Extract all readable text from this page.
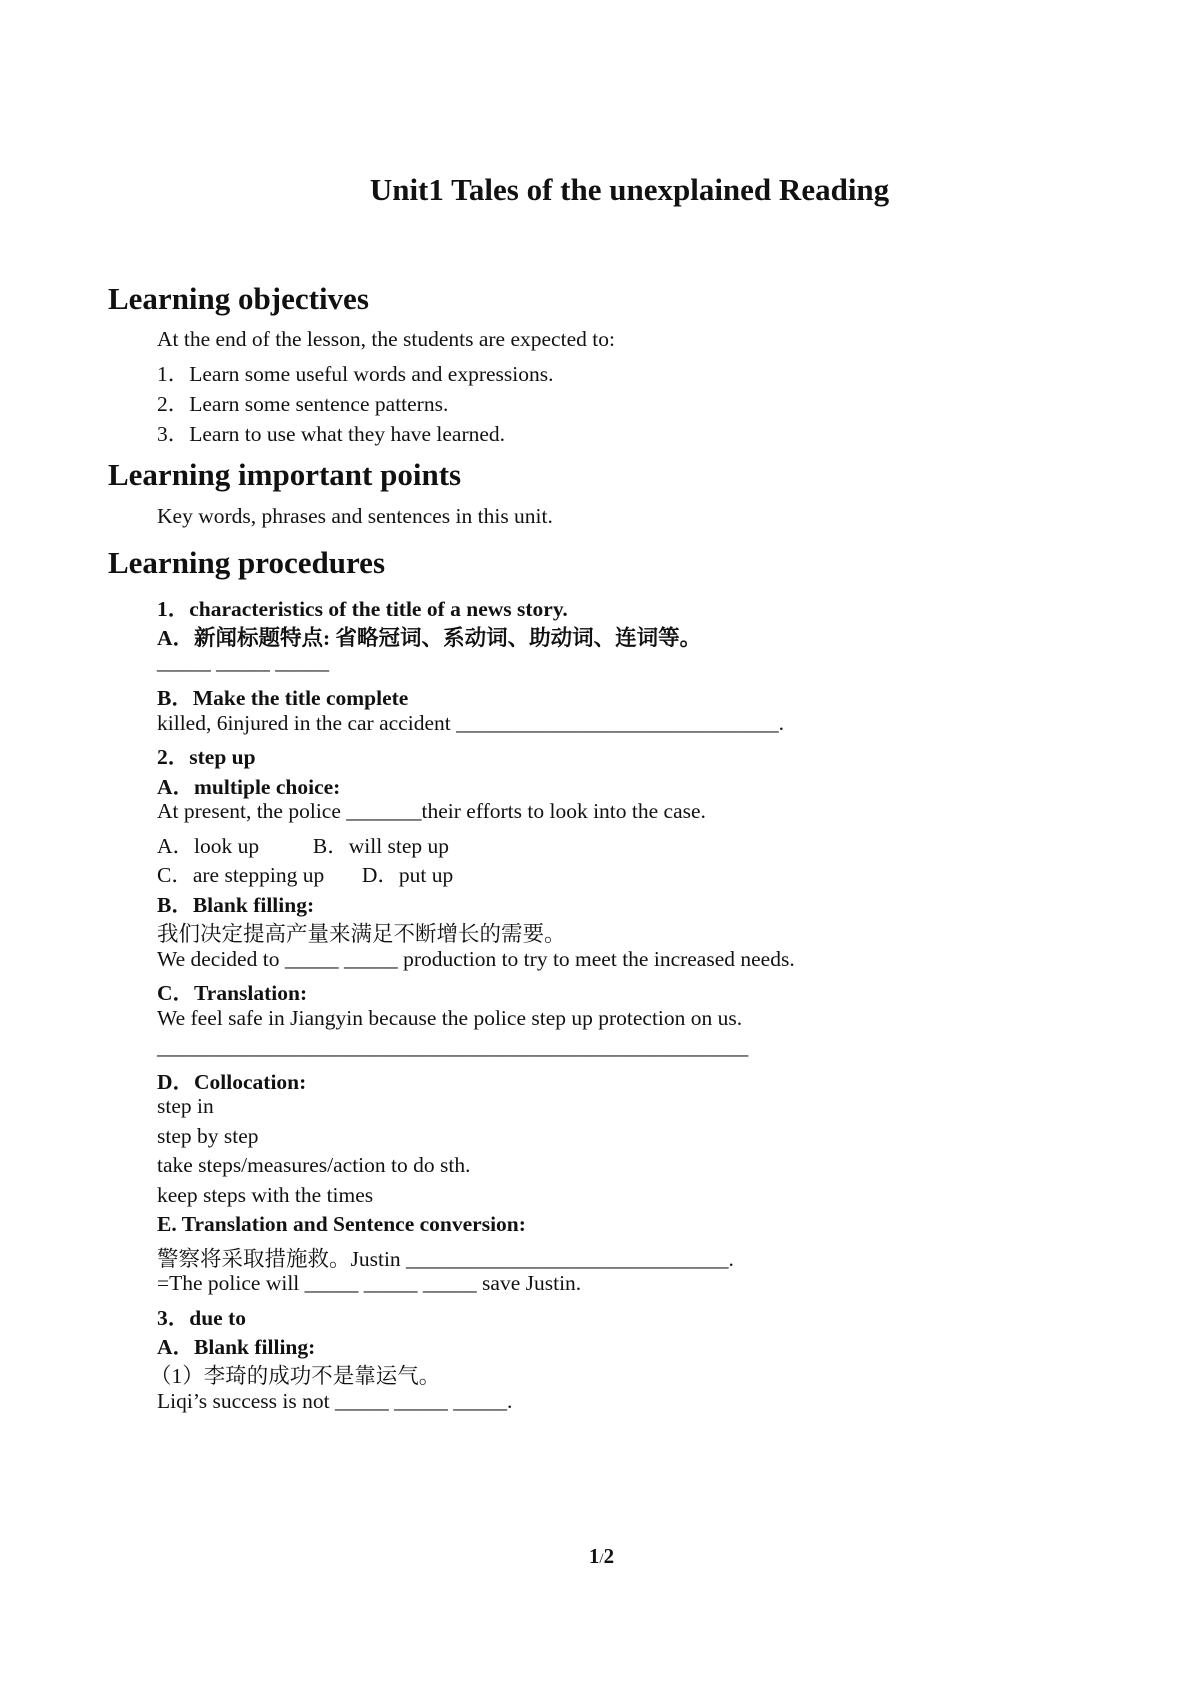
Unit1 Tales of the unexplained Reading
Learning objectives
At the end of the lesson, the students are expected to:
1．Learn some useful words and expressions.
2．Learn some sentence patterns.
3．Learn to use what they have learned.
Learning important points
Key words, phrases and sentences in this unit.
Learning procedures
1．characteristics of the title of a news story.
A．新闻标题特点: 省略冠词、系动词、助动词、连词等。
_____ _____ _____
B．Make the title complete
killed, 6injured in the car accident ______________________________.
2．step up
A．multiple choice:
At present, the police _______their efforts to look into the case.
A．look up          B．will step up
C．are stepping up       D．put up
B．Blank filling:
我们决定提高产量来满足不断增长的需要。
We decided to _____ _____ production to try to meet the increased needs.
C．Translation:
We feel safe in Jiangyin because the police step up protection on us.
_______________________________________________________
D．Collocation:
step in
step by step
take steps/measures/action to do sth.
keep steps with the times
E. Translation and Sentence conversion:
警察将采取措施救。Justin ______________________________.
=The police will _____ _____ _____ save Justin.
3．due to
A．Blank filling:
（1）李琦的成功不是靠运气。
Liqi’s success is not _____ _____ _____.
1/2
